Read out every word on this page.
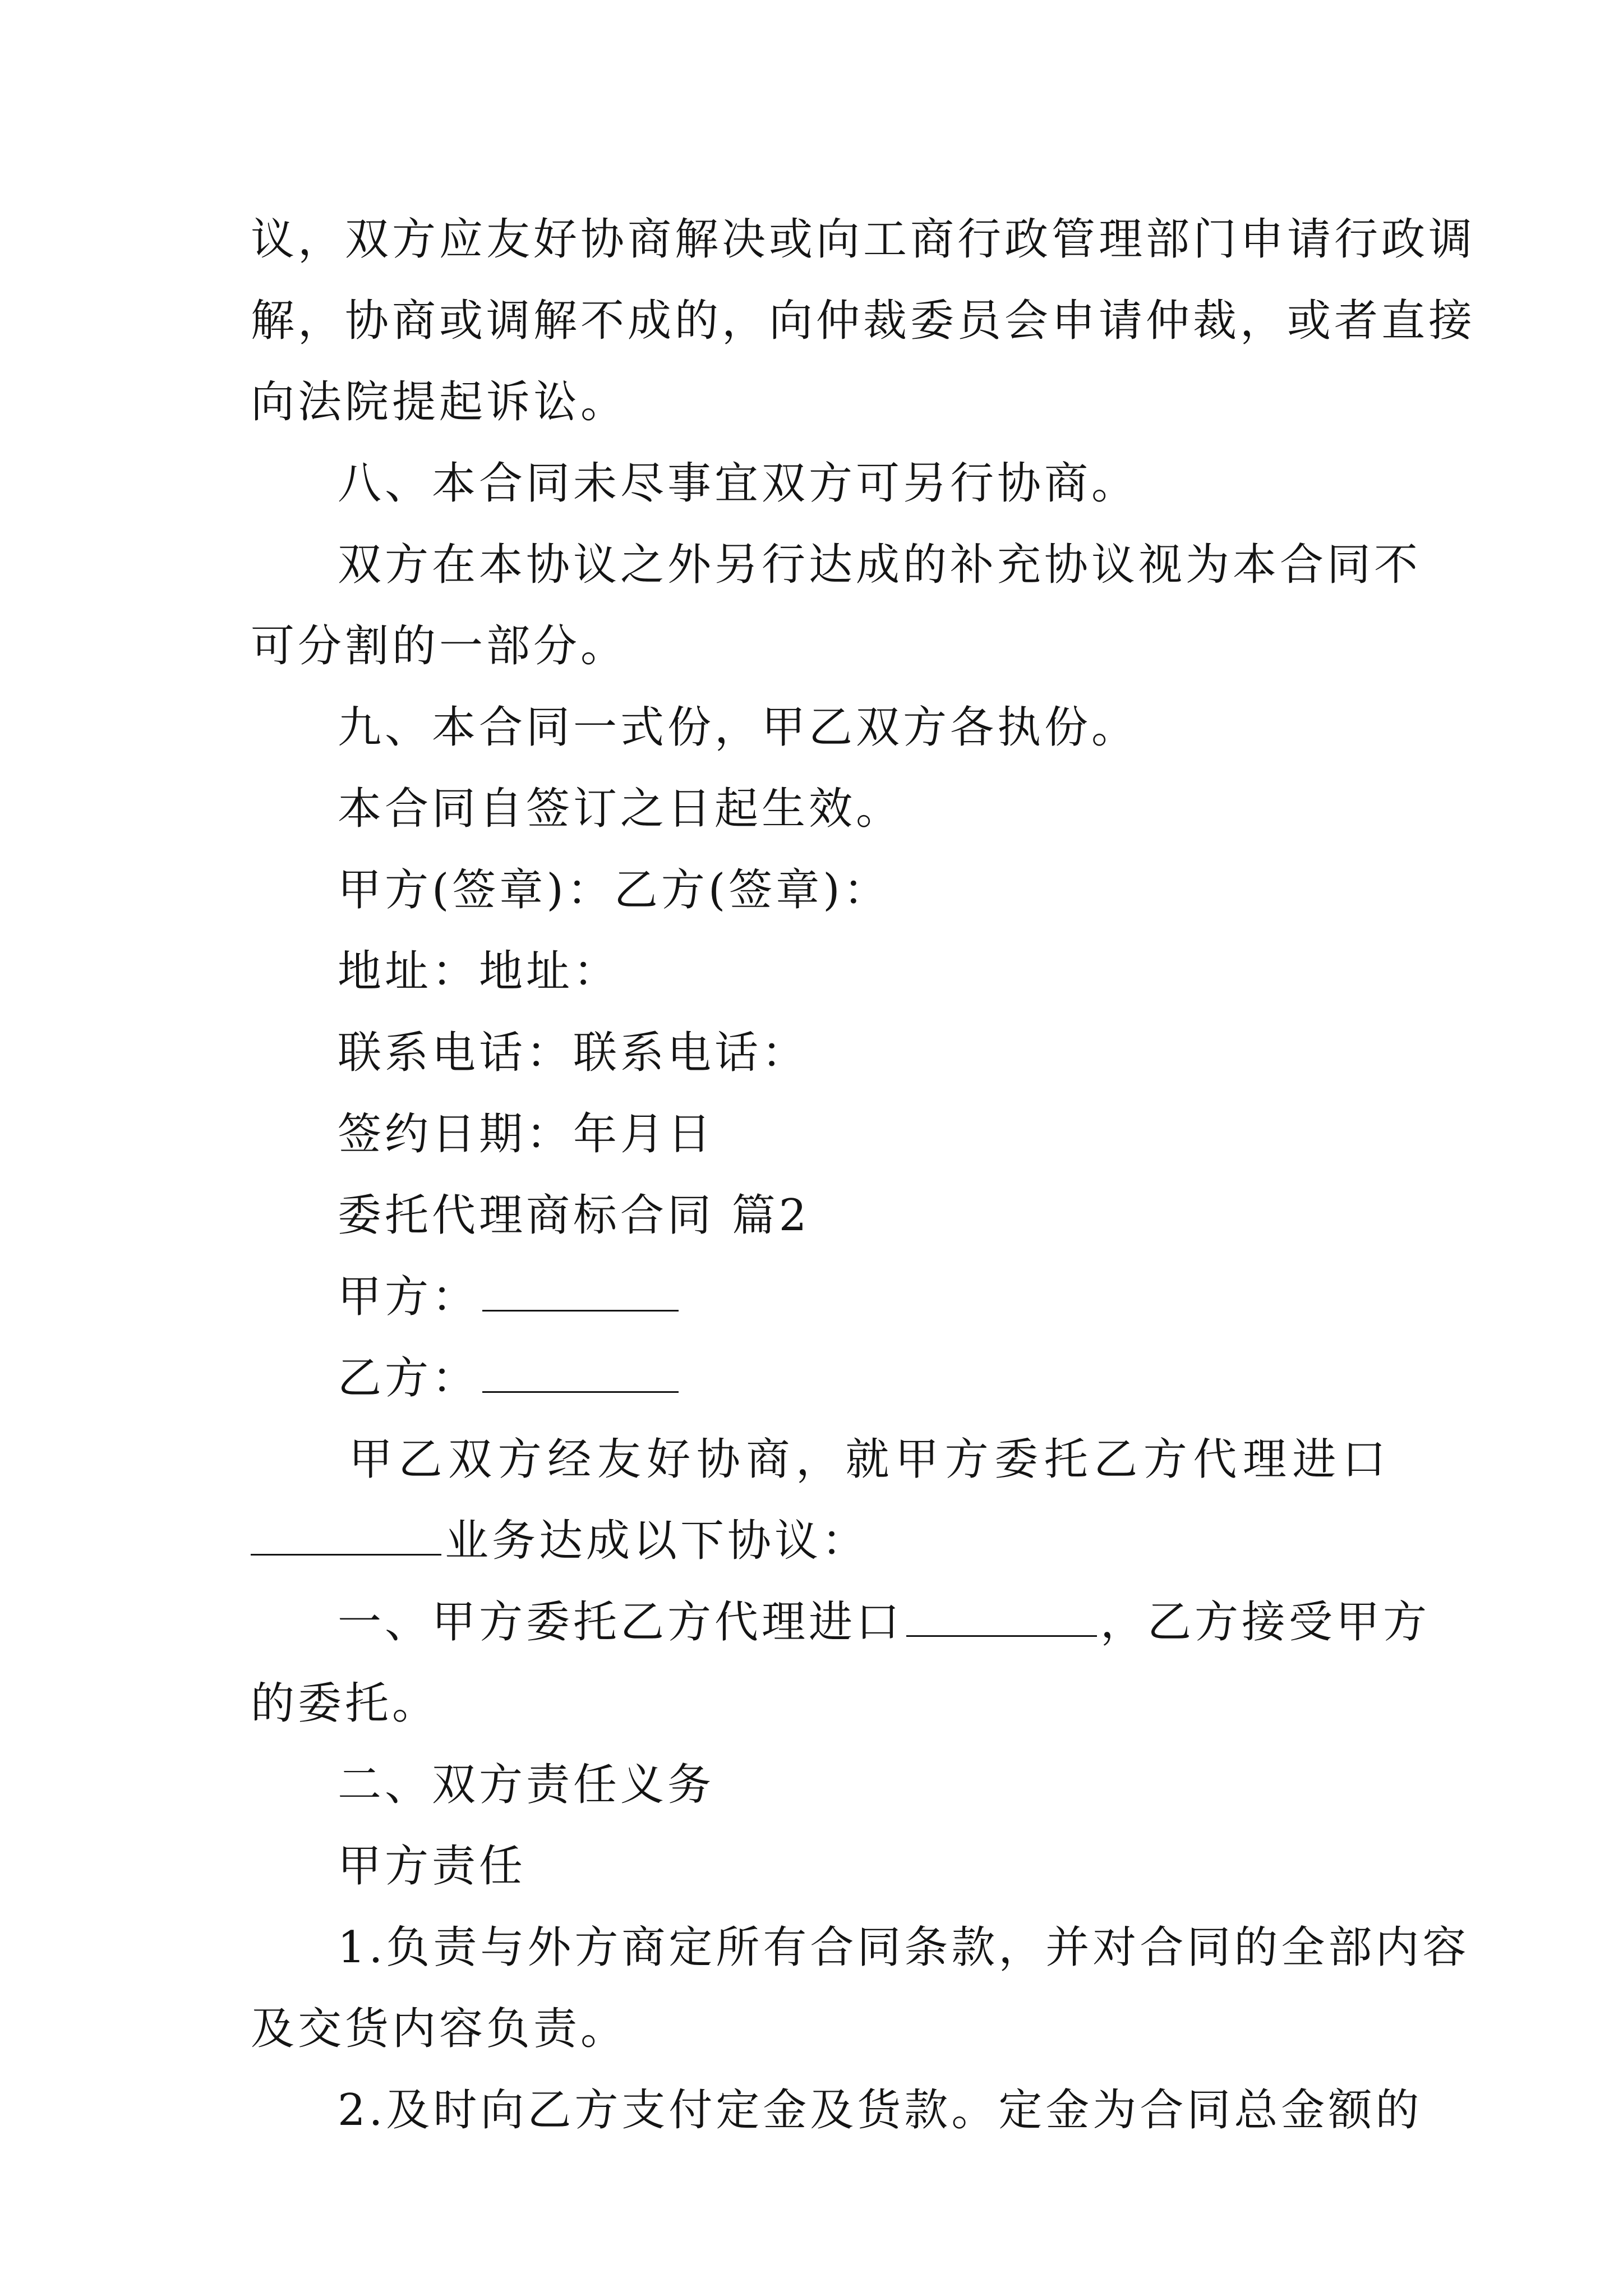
议，双方应友好协商解决或向工商行政管理部门申请行政调
解，协商或调解不成的，向仲裁委员会申请仲裁，或者直接
向法院提起诉讼。
八、本合同未尽事宜双方可另行协商。
双方在本协议之外另行达成的补充协议视为本合同不
可分割的一部分。
九、本合同一式份，甲乙双方各执份。
本合同自签订之日起生效。
甲方(签章)：乙方(签章)：
地址：地址：
联系电话：联系电话：
签约日期：年月日
委托代理商标合同 篇2
甲方：
乙方：
甲乙双方经友好协商，就甲方委托乙方代理进口
业务达成以下协议：
一、甲方委托乙方代理进口	，乙方接受甲方
的委托。
二、双方责任义务
甲方责任
1.负责与外方商定所有合同条款，并对合同的全部内容
及交货内容负责。
2.及时向乙方支付定金及货款。定金为合同总金额的
